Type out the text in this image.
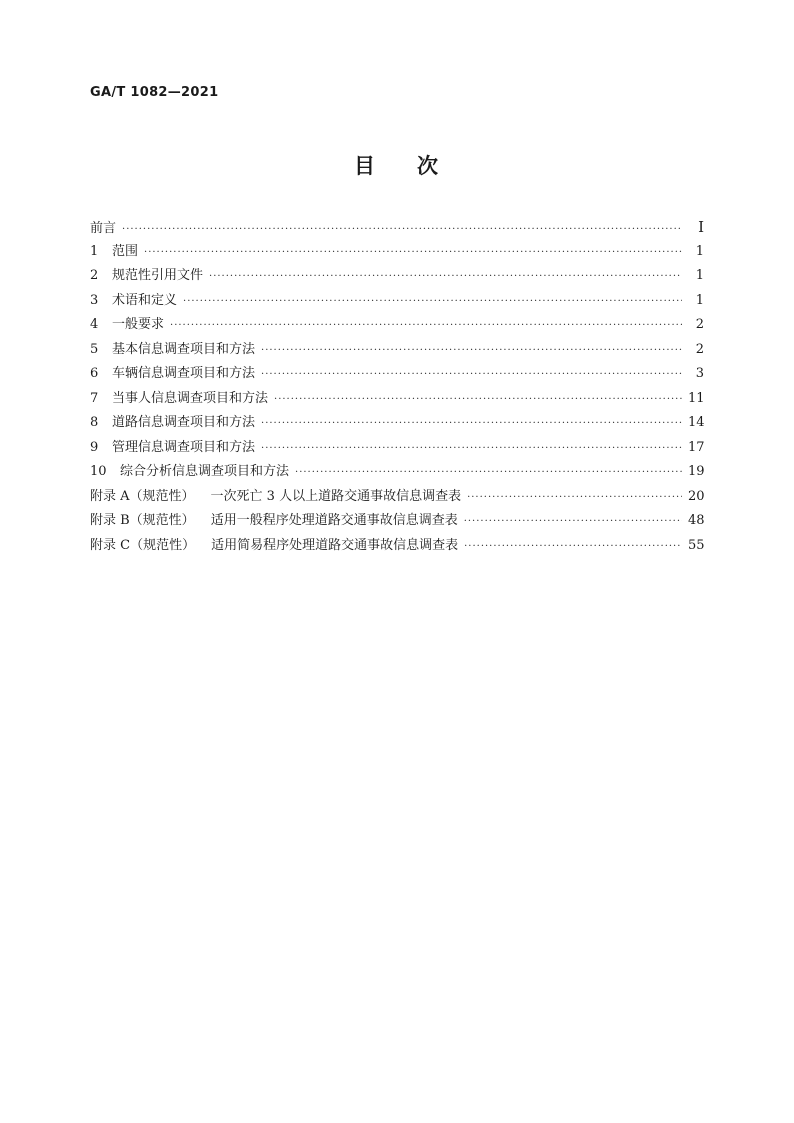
GA/T 1082—2021
目 次
前言 ·····	I
1	范围 ·····	1
2	规范性引用文件 ·····	1
3	术语和定义 ·····	1
4	一般要求 ·····	2
5	基本信息调查项目和方法 ·····	2
6	车辆信息调查项目和方法 ·····	3
7	当事人信息调查项目和方法 ·····	11
8	道路信息调查项目和方法 ·····	14
9	管理信息调查项目和方法 ·····	17
10	综合分析信息调查项目和方法 ·····	19
附录 A（规范性） 一次死亡 3 人以上道路交通事故信息调查表 ·····	20
附录 B（规范性） 适用一般程序处理道路交通事故信息调查表 ·····	48
附录 C（规范性） 适用简易程序处理道路交通事故信息调查表 ·····	55
